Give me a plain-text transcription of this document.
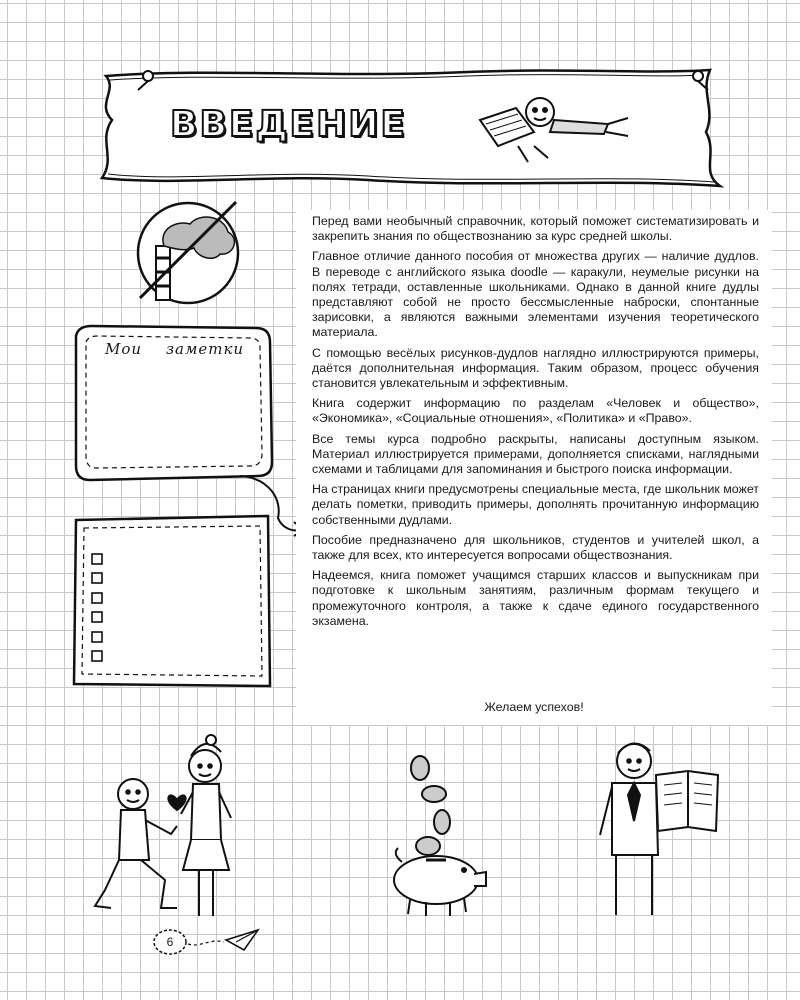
ВВЕДЕНИЕ
Мои заметки

Перед вами необычный справочник, который поможет систематизировать и закрепить знания по обществознанию за курс средней школы.

Главное отличие данного пособия от множества других — наличие дудлов. В переводе с английского языка doodle — каракули, неумелые рисунки на полях тетради, оставленные школьниками. Однако в данной книге дудлы представляют собой не просто бессмысленные наброски, спонтанные зарисовки, а являются важными элементами изучения теоретического материала.

С помощью весёлых рисунков-дудлов наглядно иллюстрируются примеры, даётся дополнительная информация. Таким образом, процесс обучения становится увлекательным и эффективным.

Книга содержит информацию по разделам «Человек и общество», «Экономика», «Социальные отношения», «Политика» и «Право».

Все темы курса подробно раскрыты, написаны доступным языком. Материал иллюстрируется примерами, дополняется списками, наглядными схемами и таблицами для запоминания и быстрого поиска информации.

На страницах книги предусмотрены специальные места, где школьник может делать пометки, приводить примеры, дополнять прочитанную информацию собственными дудлами.

Пособие предназначено для школьников, студентов и учителей школ, а также для всех, кто интересуется вопросами обществознания.

Надеемся, книга поможет учащимся старших классов и выпускникам при подготовке к школьным занятиям, различным формам текущего и промежуточного контроля, а также к сдаче единого государственного экзамена.

Желаем успехов!
6
